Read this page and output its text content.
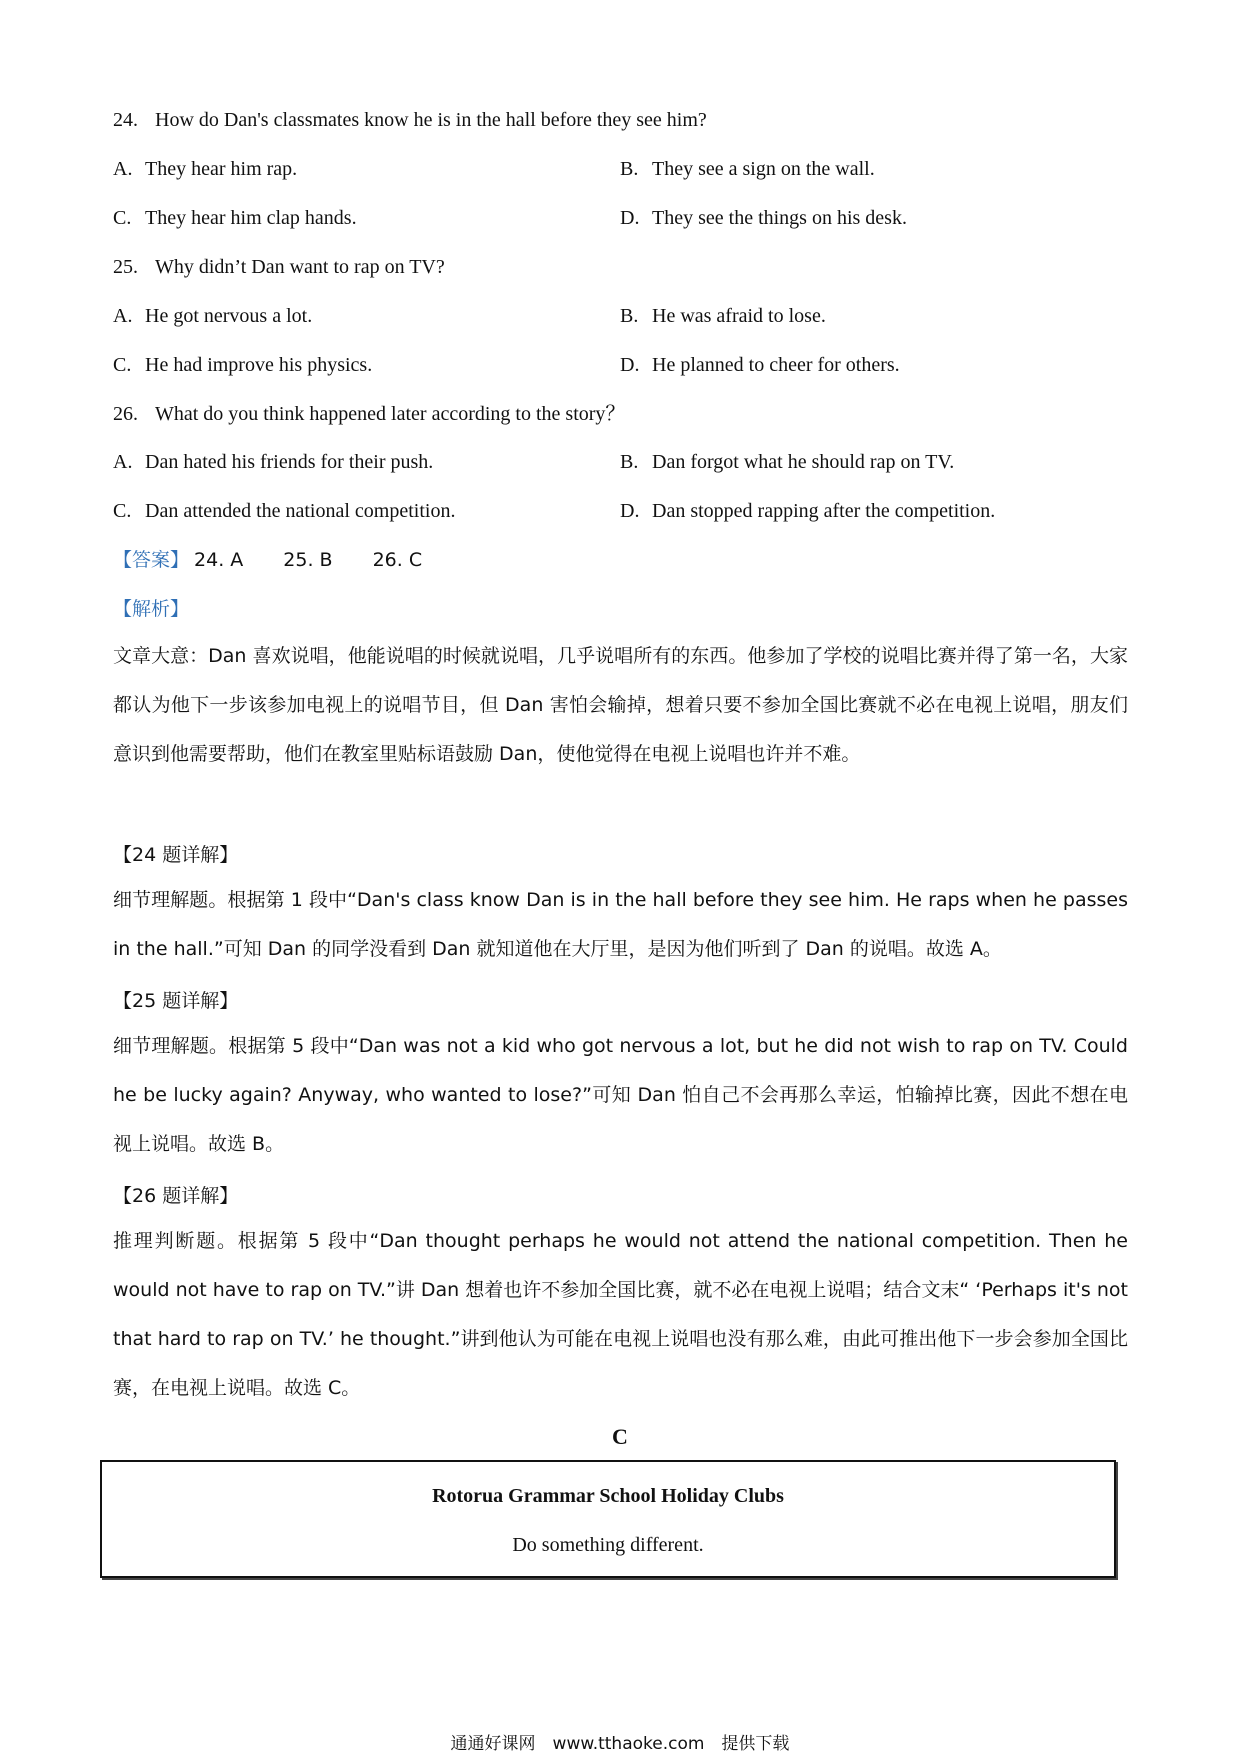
24. How do Dan's classmates know he is in the hall before they see him?
A. They hear him rap.	B. They see a sign on the wall.
C. They hear him clap hands.	D. They see the things on his desk.
25. Why didn’t Dan want to rap on TV?
A. He got nervous a lot.	B. He was afraid to lose.
C. He had improve his physics.	D. He planned to cheer for others.
26. What do you think happened later according to the story？
A. Dan hated his friends for their push.	B. Dan forgot what he should rap on TV.
C. Dan attended the national competition.	D. Dan stopped rapping after the competition.
【答案】 24. A 25. B 26. C
【解析】
文章大意：Dan 喜欢说唱，他能说唱的时候就说唱，几乎说唱所有的东西。他参加了学校的说唱比赛并得了第一名，大家都认为他下一步该参加电视上的说唱节目，但 Dan 害怕会输掉，想着只要不参加全国比赛就不必在电视上说唱，朋友们意识到他需要帮助，他们在教室里贴标语鼓励 Dan，使他觉得在电视上说唱也许并不难。
【24 题详解】
细节理解题。根据第 1 段中“Dan's class know Dan is in the hall before they see him. He raps when he passes in the hall.”可知 Dan 的同学没看到 Dan 就知道他在大厅里，是因为他们听到了 Dan 的说唱。故选 A。
【25 题详解】
细节理解题。根据第 5 段中“Dan was not a kid who got nervous a lot, but he did not wish to rap on TV. Could he be lucky again? Anyway, who wanted to lose?”可知 Dan 怕自己不会再那么幸运，怕输掉比赛，因此不想在电视上说唱。故选 B。
【26 题详解】
推理判断题。根据第 5 段中“Dan thought perhaps he would not attend the national competition. Then he would not have to rap on TV.”讲 Dan 想着也许不参加全国比赛，就不必在电视上说唱；结合文末“ ‘Perhaps it's not that hard to rap on TV.’ he thought.”讲到他认为可能在电视上说唱也没有那么难，由此可推出他下一步会参加全国比赛，在电视上说唱。故选 C。
C
Rotorua Grammar School Holiday Clubs
Do something different.
通通好课网　www.tthaoke.com　提供下载
